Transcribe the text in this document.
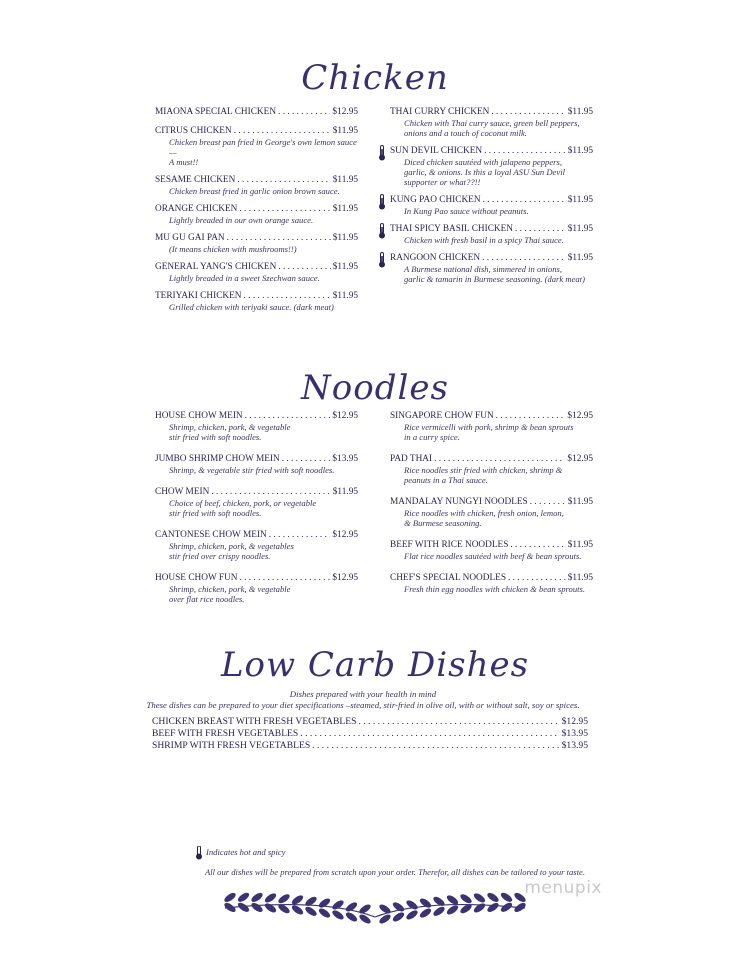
Chicken
MIAONA SPECIAL CHICKEN . . .	$12.95
CITRUS CHICKEN . . .	$11.95
Chicken breast pan fried in George's own lemon sauce—
A must!!
SESAME CHICKEN . . .	$11.95
Chicken breast fried in garlic onion brown sauce.
ORANGE CHICKEN . . .	$11.95
Lightly breaded in our own orange sauce.
MU GU GAI PAN . . .	$11.95
(It means chicken with mushrooms!!)
GENERAL YANG'S CHICKEN . . .	$11.95
Lightly breaded in a sweet Szechwan sauce.
TERIYAKI CHICKEN . . .	$11.95
Grilled chicken with teriyaki sauce. (dark meat)
THAI CURRY CHICKEN . . .	$11.95
Chicken with Thai curry sauce, green bell peppers,
onions and a touch of coconut milk.
SUN DEVIL CHICKEN . . .	$11.95
Diced chicken sautéed with jalapeno peppers,
garlic, & onions. Is this a loyal ASU Sun Devil
supporter or what??!!
KUNG PAO CHICKEN . . .	$11.95
In Kung Pao sauce without peanuts.
THAI SPICY BASIL CHICKEN . . .	$11.95
Chicken with fresh basil in a spicy Thai sauce.
RANGOON CHICKEN . . .	$11.95
A Burmese national dish, simmered in onions,
garlic & tamarin in Burmese seasoning. (dark meat)
Noodles
HOUSE CHOW MEIN . . .	$12.95
Shrimp, chicken, pork, & vegetable
stir fried with soft noodles.
JUMBO SHRIMP CHOW MEIN . . .	$13.95
Shrimp, & vegetable stir fried with soft noodles.
CHOW MEIN . . .	$11.95
Choice of beef, chicken, pork, or vegetable
stir fried with soft noodles.
CANTONESE CHOW MEIN . . .	$12.95
Shrimp, chicken, pork, & vegetables
stir fried over crispy noodles.
HOUSE CHOW FUN . . .	$12.95
Shrimp, chicken, pork, & vegetable
over flat rice noodles.
SINGAPORE CHOW FUN . . .	$12.95
Rice vermicelli with pork, shrimp & bean sprouts
in a curry spice.
PAD THAI . . .	$12.95
Rice noodles stir fried with chicken, shrimp &
peanuts in a Thai sauce.
MANDALAY NUNGYI NOODLES . . .	$11.95
Rice noodles with chicken, fresh onion, lemon,
& Burmese seasoning.
BEEF WITH RICE NOODLES . . .	$11.95
Flat rice noodles sautéed with beef & bean sprouts.
CHEF'S SPECIAL NOODLES . . .	$11.95
Fresh thin egg noodles with chicken & bean sprouts.
Low Carb Dishes
Dishes prepared with your health in mind
These dishes can be prepared to your diet specifications –steamed, stir-fried in olive oil, with or without salt, soy or spices.
CHICKEN BREAST WITH FRESH VEGETABLES . . .	$12.95
BEEF WITH FRESH VEGETABLES . . .	$13.95
SHRIMP WITH FRESH VEGETABLES . . .	$13.95
Indicates hot and spicy
All our dishes will be prepared from scratch upon your order. Therefor, all dishes can be tailored to your taste.
menupix
